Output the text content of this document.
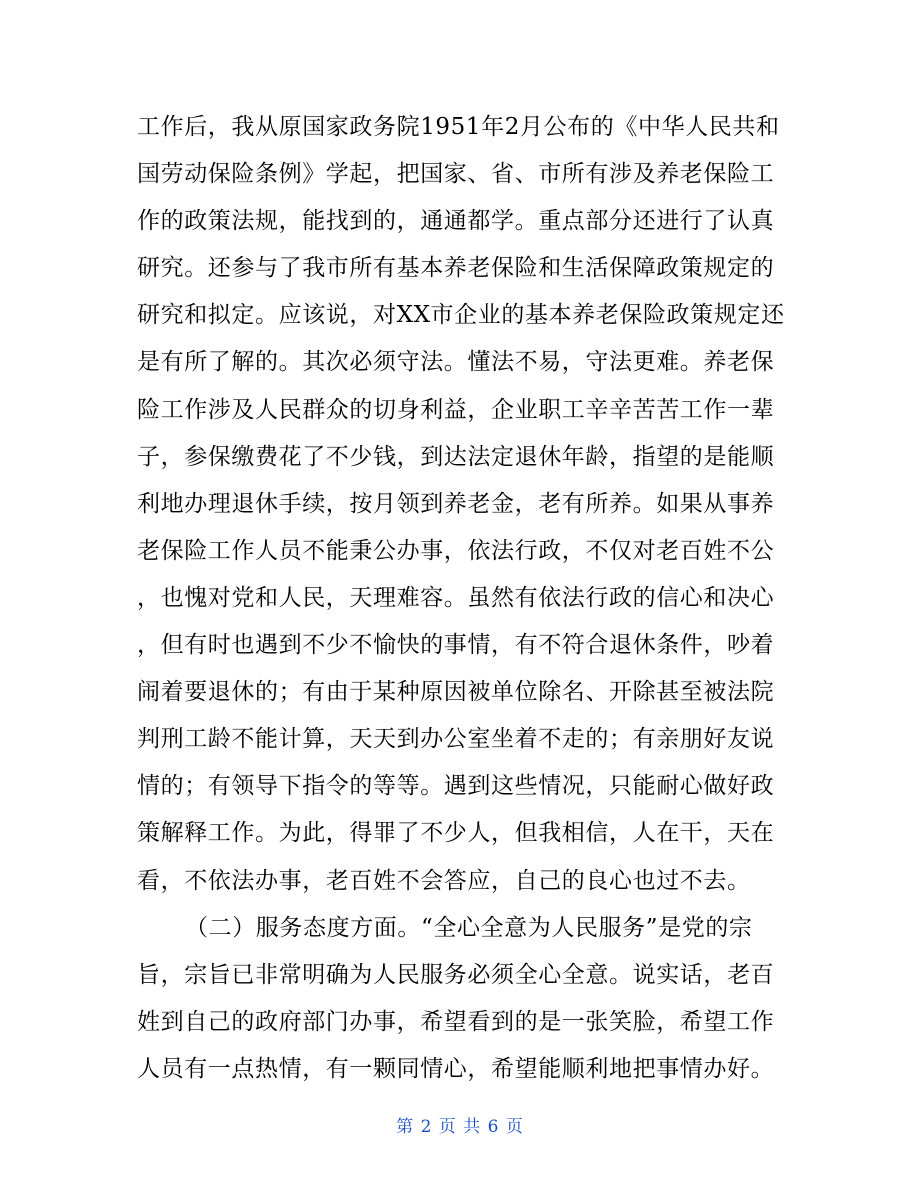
工作后，我从原国家政务院1951年2月公布的《中华人民共和
国劳动保险条例》学起，把国家、省、市所有涉及养老保险工
作的政策法规，能找到的，通通都学。重点部分还进行了认真
研究。还参与了我市所有基本养老保险和生活保障政策规定的
研究和拟定。应该说，对XX市企业的基本养老保险政策规定还
是有所了解的。其次必须守法。懂法不易，守法更难。养老保
险工作涉及人民群众的切身利益，企业职工辛辛苦苦工作一辈
子，参保缴费花了不少钱，到达法定退休年龄，指望的是能顺
利地办理退休手续，按月领到养老金，老有所养。如果从事养
老保险工作人员不能秉公办事，依法行政，不仅对老百姓不公
，也愧对党和人民，天理难容。虽然有依法行政的信心和决心
，但有时也遇到不少不愉快的事情，有不符合退休条件，吵着
闹着要退休的；有由于某种原因被单位除名、开除甚至被法院
判刑工龄不能计算，天天到办公室坐着不走的；有亲朋好友说
情的；有领导下指令的等等。遇到这些情况，只能耐心做好政
策解释工作。为此，得罪了不少人，但我相信，人在干，天在
看，不依法办事，老百姓不会答应，自己的良心也过不去。
（二）服务态度方面。“全心全意为人民服务”是党的宗
旨，宗旨已非常明确为人民服务必须全心全意。说实话，老百
姓到自己的政府部门办事，希望看到的是一张笑脸，希望工作
人员有一点热情，有一颗同情心，希望能顺利地把事情办好。
第 2 页 共 6 页
